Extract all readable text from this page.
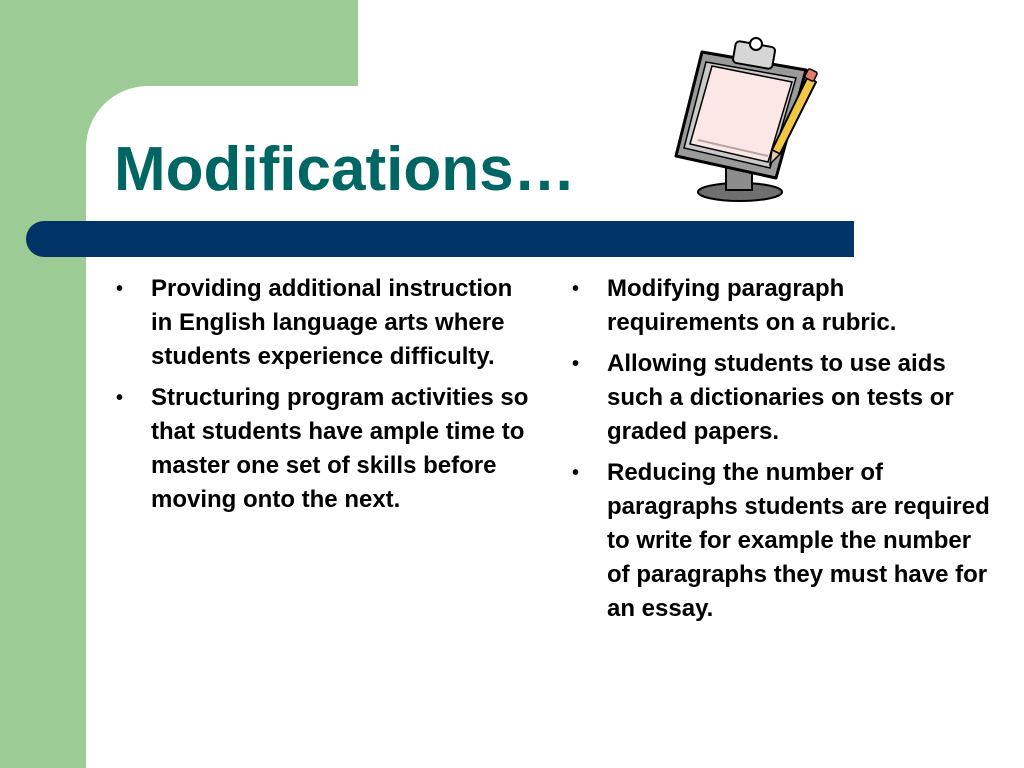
Modifications…
• Providing additional instruction in English language arts where students experience difficulty.
• Structuring program activities so that students have ample time to master one set of skills before moving onto the next.
• Modifying paragraph requirements on a rubric.
• Allowing students to use aids such a dictionaries on tests or graded papers.
• Reducing the number of paragraphs students are required to write for example the number of paragraphs they must have for an essay.
